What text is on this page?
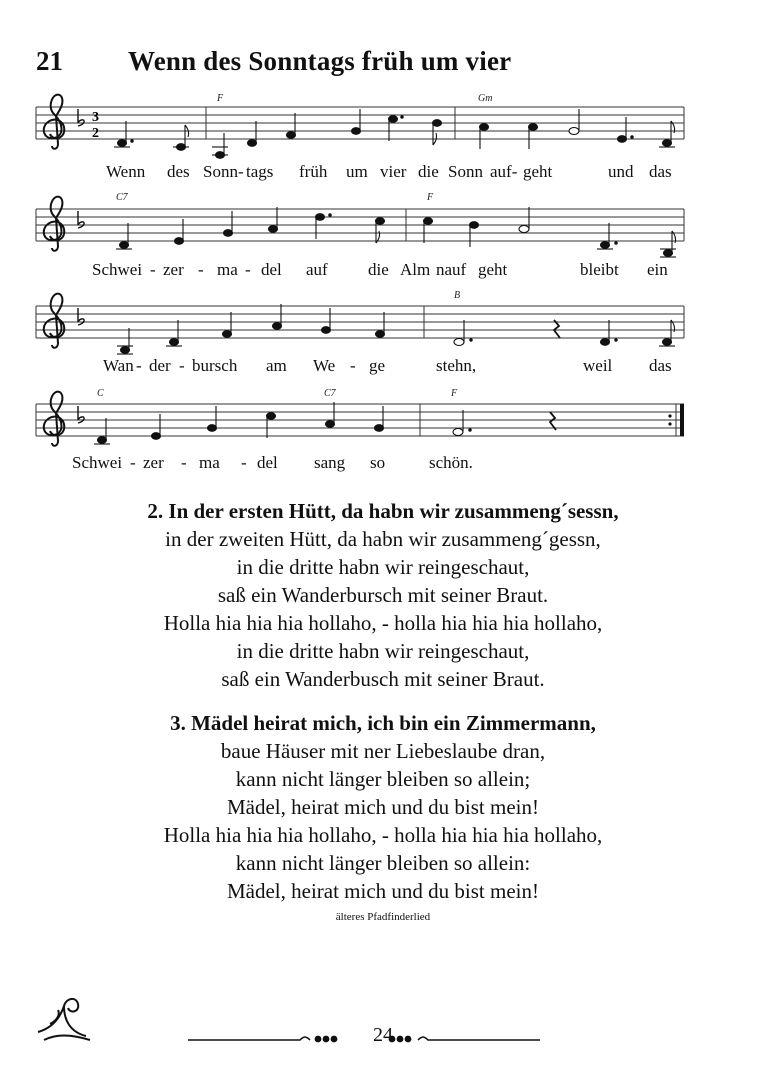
21 Wenn des Sonntags früh um vier
3
2
F	Gm
Wenn des Sonn- tags früh um vier die Sonn auf- geht	und das
C7	F
Schwei - zer - ma - del auf die Alm nauf geht	bleibt ein
B
Wan - der - bursch am We - ge	stehn,	weil das
C	C7	F
Schwei - zer - ma - del sang so	schön.

2. In der ersten Hütt, da habn wir zusammeng´sessn,
in der zweiten Hütt, da habn wir zusammeng´gessn,
in die dritte habn wir reingeschaut,
saß ein Wanderbursch mit seiner Braut.
Holla hia hia hia hollaho, - holla hia hia hia hollaho,
in die dritte habn wir reingeschaut,
saß ein Wanderbusch mit seiner Braut.

3. Mädel heirat mich, ich bin ein Zimmermann,
baue Häuser mit ner Liebeslaube dran,
kann nicht länger bleiben so allein;
Mädel, heirat mich und du bist mein!
Holla hia hia hia hollaho, - holla hia hia hia hollaho,
kann nicht länger bleiben so allein:
Mädel, heirat mich und du bist mein!

älteres Pfadfinderlied
24
